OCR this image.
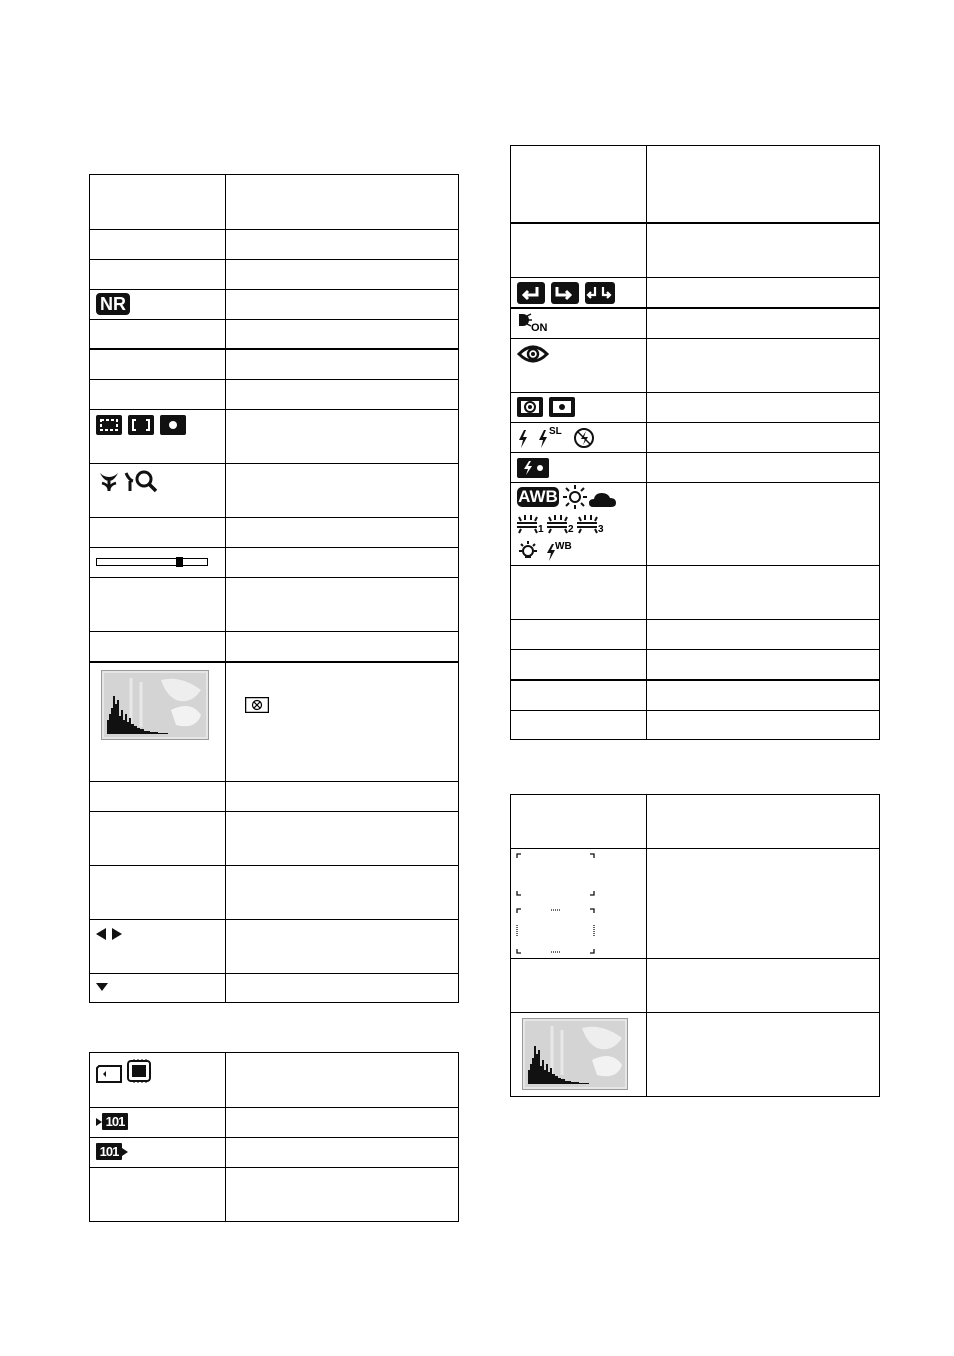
NR
101
101
ON
SL
AWB
1 2 3
WB
